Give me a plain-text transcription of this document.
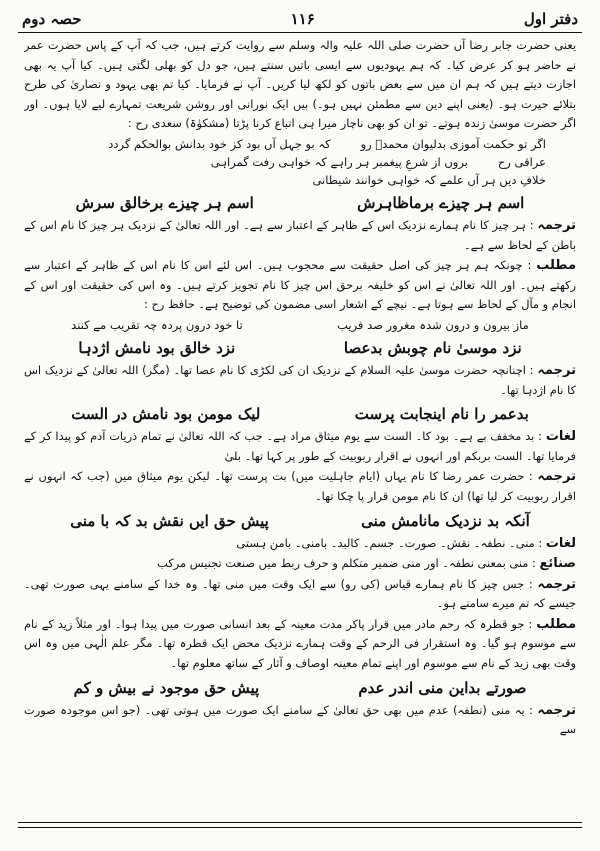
حصہ دوم	۱۱۶	دفتر اول

یعنی حضرت جابر رضا آں حضرت صلی اللہ علیہ والہ وسلم سے روایت کرتے ہیں، جب کہ آپ کے پاس حضرت عمر نے حاضر ہو کر عرض کیا۔ کہ ہم یہودیوں سے ایسی باتیں سنتے ہیں، جو دل کو بھلی لگتی ہیں۔ کیا آپ یہ بھی اجازت دیتے ہیں کہ ہم ان میں سے بعض باتوں کو لکھ لیا کریں۔ آپ نے فرمایا۔ کیا تم بھی یہود و نصاریٰ کی طرح بتلائے حیرت ہو۔ (یعنی اپنے دین سے مطمئن نہیں ہو۔) بیں ایک نورانی اور روشن شریعت تمہارے لیے لایا ہوں۔ اور اگر حضرت موسیٰ زندہ ہوتے۔ تو ان کو بھی ناچار میرا ہی اتباع کرنا پڑتا (مشکوٰۃ) سعدی رح :

اگر تو حکمت آموزی بدلیوان محمدؐ رو
کہ بو جہل آں بود کز خود بدانش بوالحکم گردد
عراقی رح
بروں از شرعِ پیغمبر ہر راہے کہ خواہی رفت گمراہی
خلافِ دیں ہر آں علمے کہ خواہی خوانند شیطانی
اسم ہر چیزے برماظاہرش
اسم ہر چیزے برخالق سرش

ترجمہ : ہر چیز کا نام ہمارے نزدیک اس کے ظاہر کے اعتبار سے ہے۔ اور اللہ تعالیٰ کے نزدیک ہر چیز کا نام اس کے باطن کے لحاظ سے ہے۔

مطلب : چونکہ ہم ہر چیز کی اصل حقیقت سے محجوب ہیں۔ اس لئے اس کا نام اس کے ظاہر کے اعتبار سے رکھتے ہیں۔ اور اللہ تعالیٰ نے اس کو خلیفہ برحق اس چیز کا نام تجویز کرتے ہیں۔ وہ اس کی حقیقت اور اس کے انجام و مآل کے لحاظ سے ہوتا ہے۔ نیچے کے اشعار اسی مضمون کی توضیح ہے۔ حافظ رح :

ماز بیرون و درون شدہ مغرور صد فریب
تا خود درون پردہ چہ تقریب مے کنند
نزد موسیٰ نام چوبش بدعصا
نزد خالق بود نامش اژدہا

ترجمہ : اچنانچہ حضرت موسیٰ علیہ السلام کے نزدیک ان کی لکڑی کا نام عصا تھا۔ (مگر) اللہ تعالیٰ کے نزدیک اس کا نام اژدہا تھا۔

بدعمر را نام اینجابت پرست
لیک مومن بود نامش در الست

لغات : بد مخفف بے ہے۔ بود کا۔ الست سے یوم میثاق مراد ہے۔ جب کہ اللہ تعالیٰ نے تمام ذریات آدم کو پیدا کر کے فرمایا تھا۔ الست بربکم اور انہوں نے اقرار ربوبیت کے طور پر کہا تھا۔ بلیٰ

ترجمہ : حضرت عمر رضا کا نام یہاں (ایام جاہلیت میں) بت پرست تھا۔ لیکن یوم میثاق میں (جب کہ انہوں نے اقرار ربوبیت کر لیا تھا) ان کا نام مومن قرار پا چکا تھا۔

آنکہ بد نزدیک مانامش منی
پیش حق ایں نقش بد کہ با منی

لغات : منی۔ نطفہ۔ نقش۔ صورت۔ جسم۔ کالبد۔ بامنی۔ بامن ہستی

صنائع : منی بمعنی نطفہ۔ اور منی ضمیر متکلم و حرف ربط میں صنعت تجنیس مرکب

ترجمہ : جس چیز کا نام ہمارے قیاس (کی رو) سے ایک وقت میں منی تھا۔ وہ خدا کے سامنے یہی صورت تھی۔ جیسے کہ تم میرے سامنے ہو۔

مطلب : جو قطرہ کہ رحم مادر میں قرار پاکر مدت معینہ کے بعد انسانی صورت میں پیدا ہوا۔ اور مثلاً زید کے نام سے موسوم ہو گیا۔ وہ استقرار فی الرحم کے وقت ہمارے نزدیک محض ایک قطرہ تھا۔ مگر علم الٰہی میں وہ اس وقت بھی زید کے نام سے موسوم اور اپنے تمام معینہ اوصاف و آثار کے ساتھ معلوم تھا۔

صورتے بداین منی اندر عدم
پیش حق موجود نے بیش و کم

ترجمہ : یہ منی (نطفہ) عدم میں بھی حق تعالیٰ کے سامنے ایک صورت میں ہوتی تھی۔ (جو اس موجودہ صورت سے
